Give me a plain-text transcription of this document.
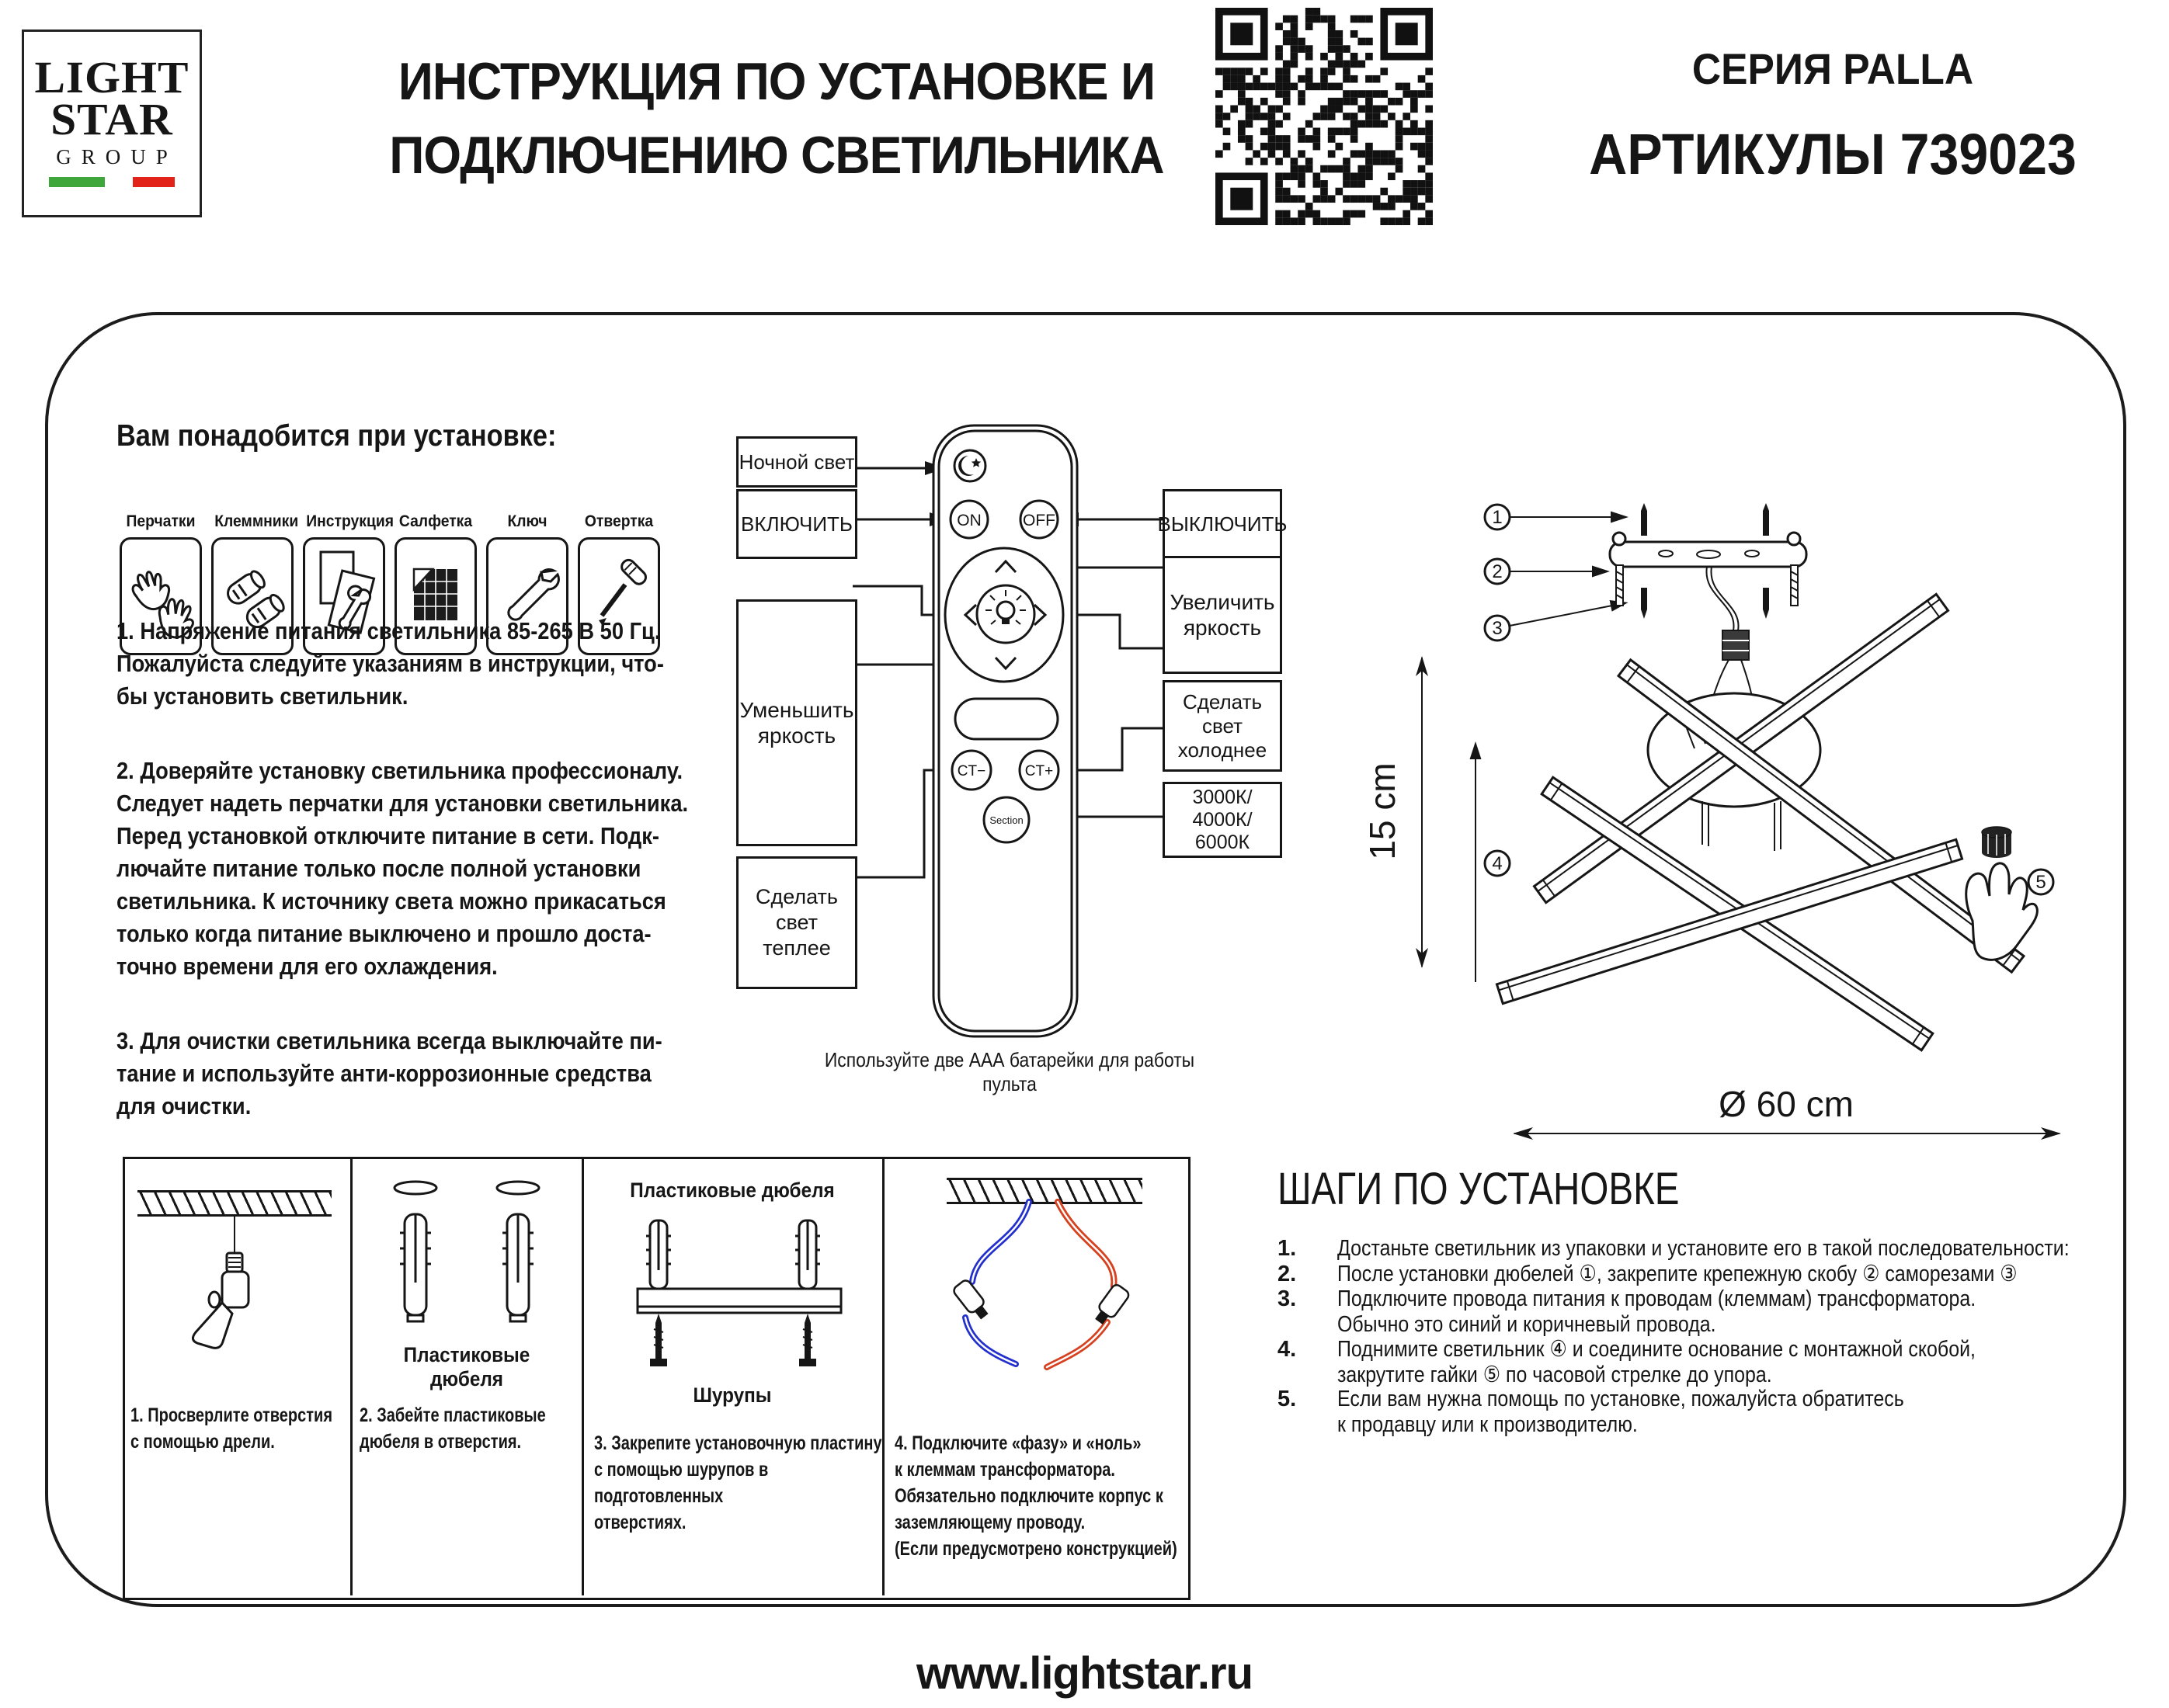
LIGHT
STAR
GROUP
ИНСТРУКЦИЯ ПО УСТАНОВКЕ И
ПОДКЛЮЧЕНИЮ СВЕТИЛЬНИКА
СЕРИЯ PALLA
АРТИКУЛЫ 739023
Вам понадобится при установке:
Перчатки Клеммники Инструкция Салфетка	Ключ	Отвертка

1. Напряжение питания светильника 85-265 В 50 Гц. Пожалуйста следуйте указаниям в инструкции, что-бы установить светильник.

2. Доверяйте установку светильника профессионалу. Следует надеть перчатки для установки светильника. Перед установкой отключите питание в сети. Подк-лючайте питание только после полной установки светильника. К источнику света можно прикасаться только когда питание выключено и прошло доста-точно времени для его охлаждения.

3. Для очистки светильника всегда выключайте пи-тание и используйте анти-коррозионные средства для очистки.

ON	OFF
CT−	CT+
Section
Ночной свет
ВКЛЮЧИТЬ
Уменьшить
яркость
Сделать
свет
теплее
ВЫКЛЮЧИТЬ
Увеличить
яркость
Сделать
свет
холоднее
3000К/
4000К/
6000К
Используйте две ААА батарейки для работы пульта
15 cm
Ø 60 cm
1
2
3
4
5
1. Просверлите отверстия
с помощью дрели.
Пластиковые дюбеля
2. Забейте пластиковые
дюбеля в отверстия.
Пластиковые дюбеля
Шурупы
3. Закрепите установочную пластину
с помощью шурупов в подготовленных
отверстиях.
4. Подключите «фазу» и «ноль»
к клеммам трансформатора.
Обязательно подключите корпус к
заземляющему проводу.
(Если предусмотрено конструкцией)
ШАГИ ПО УСТАНОВКЕ
1. Достаньте светильник из упаковки и установите его в такой последовательности:
2. После установки дюбелей ①, закрепите крепежную скобу ② саморезами ③
3. Подключите провода питания к проводам (клеммам) трансформатора.
Обычно это синий и коричневый провода.
4. Поднимите светильник ④ и соедините основание с монтажной скобой,
закрутите гайки ⑤ по часовой стрелке до упора.
5. Если вам нужна помощь по установке, пожалуйста обратитесь
к продавцу или к производителю.
www.lightstar.ru
